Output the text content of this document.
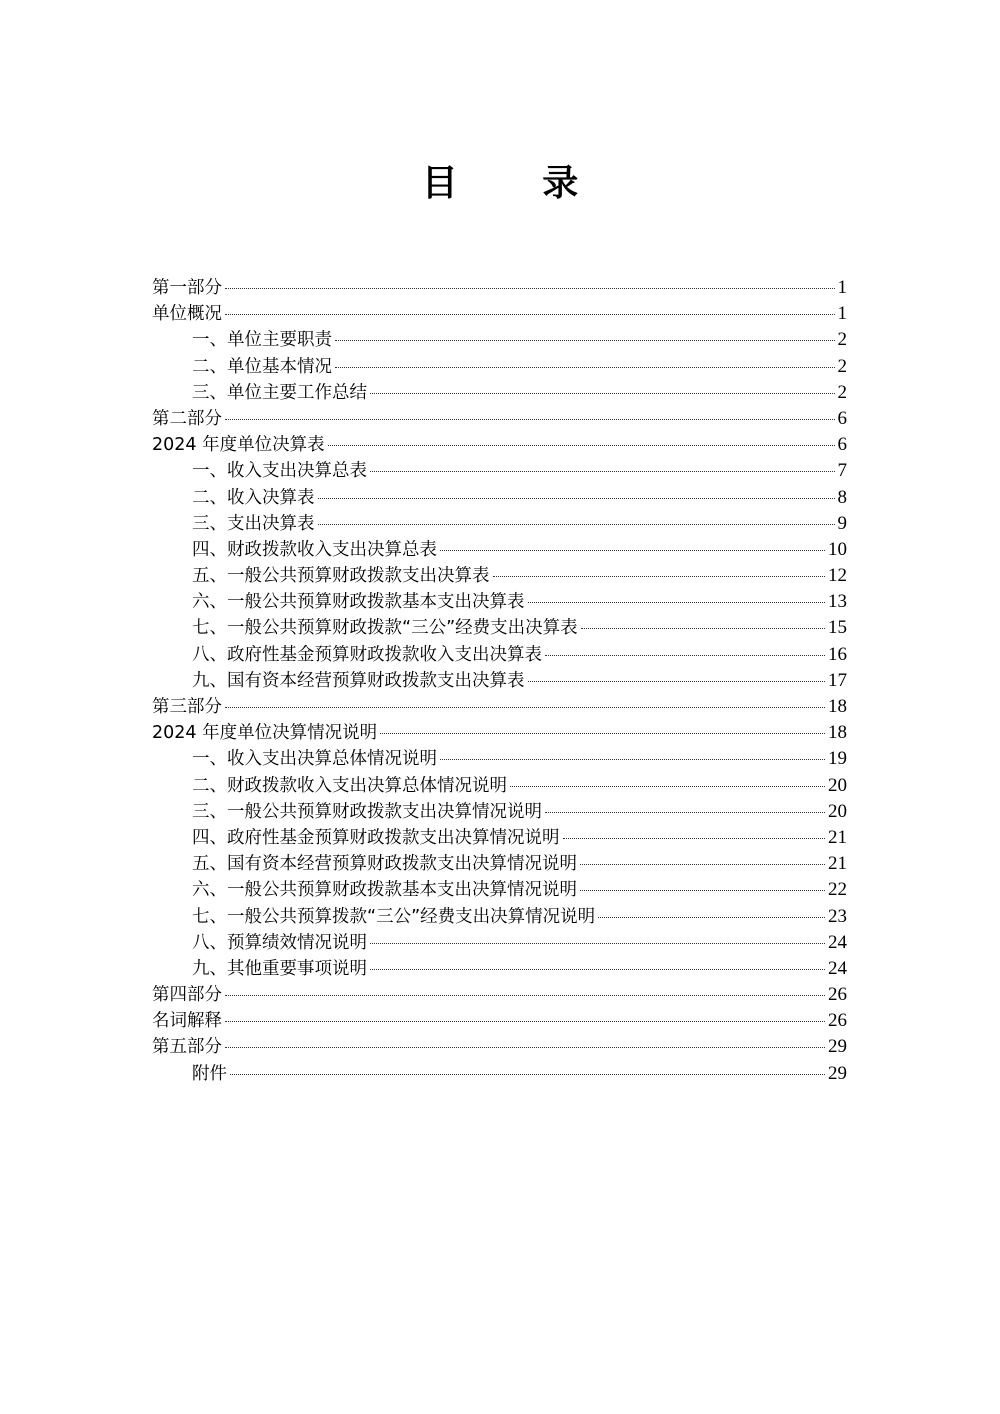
目 录
第一部分	1
单位概况	1
一、单位主要职责	2
二、单位基本情况	2
三、单位主要工作总结	2
第二部分	6
2024 年度单位决算表	6
一、收入支出决算总表	7
二、收入决算表	8
三、支出决算表	9
四、财政拨款收入支出决算总表	10
五、一般公共预算财政拨款支出决算表	12
六、一般公共预算财政拨款基本支出决算表	13
七、一般公共预算财政拨款“三公”经费支出决算表	15
八、政府性基金预算财政拨款收入支出决算表	16
九、国有资本经营预算财政拨款支出决算表	17
第三部分	18
2024 年度单位决算情况说明	18
一、收入支出决算总体情况说明	19
二、财政拨款收入支出决算总体情况说明	20
三、一般公共预算财政拨款支出决算情况说明	20
四、政府性基金预算财政拨款支出决算情况说明	21
五、国有资本经营预算财政拨款支出决算情况说明	21
六、一般公共预算财政拨款基本支出决算情况说明	22
七、一般公共预算拨款“三公”经费支出决算情况说明	23
八、预算绩效情况说明	24
九、其他重要事项说明	24
第四部分	26
名词解释	26
第五部分	29
附件	29
